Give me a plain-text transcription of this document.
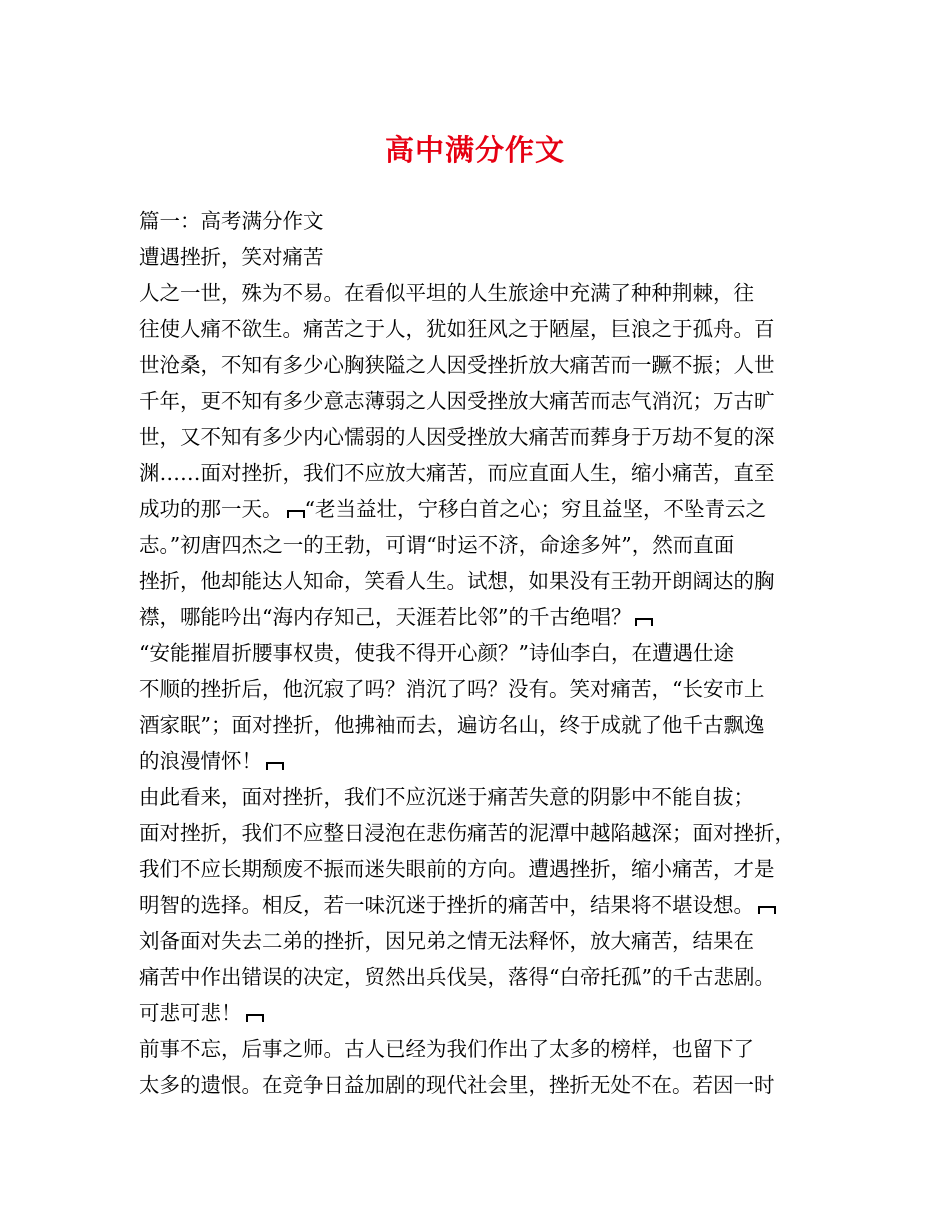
高中满分作文
篇一：高考满分作文
遭遇挫折，笑对痛苦
人之一世，殊为不易。在看似平坦的人生旅途中充满了种种荆棘，往
往使人痛不欲生。痛苦之于人，犹如狂风之于陋屋，巨浪之于孤舟。百
世沧桑，不知有多少心胸狭隘之人因受挫折放大痛苦而一蹶不振；人世
千年，更不知有多少意志薄弱之人因受挫放大痛苦而志气消沉；万古旷
世，又不知有多少内心懦弱的人因受挫放大痛苦而葬身于万劫不复的深
渊……面对挫折，我们不应放大痛苦，而应直面人生，缩小痛苦，直至
成功的那一天。 “老当益壮，宁移白首之心；穷且益坚，不坠青云之
志。”初唐四杰之一的王勃，可谓“时运不济，命途多舛”，然而直面
挫折，他却能达人知命，笑看人生。试想，如果没有王勃开朗阔达的胸
襟，哪能吟出“海内存知己，天涯若比邻”的千古绝唱？
“安能摧眉折腰事权贵，使我不得开心颜？”诗仙李白，在遭遇仕途
不顺的挫折后，他沉寂了吗？消沉了吗？没有。笑对痛苦，“长安市上
酒家眠”；面对挫折，他拂袖而去，遍访名山，终于成就了他千古飘逸
的浪漫情怀！
由此看来，面对挫折，我们不应沉迷于痛苦失意的阴影中不能自拔；
面对挫折，我们不应整日浸泡在悲伤痛苦的泥潭中越陷越深；面对挫折，
我们不应长期颓废不振而迷失眼前的方向。遭遇挫折，缩小痛苦，才是
明智的选择。相反，若一味沉迷于挫折的痛苦中，结果将不堪设想。
刘备面对失去二弟的挫折，因兄弟之情无法释怀，放大痛苦，结果在
痛苦中作出错误的决定，贸然出兵伐吴，落得“白帝托孤”的千古悲剧。
可悲可悲！
前事不忘，后事之师。古人已经为我们作出了太多的榜样，也留下了
太多的遗恨。在竞争日益加剧的现代社会里，挫折无处不在。若因一时
